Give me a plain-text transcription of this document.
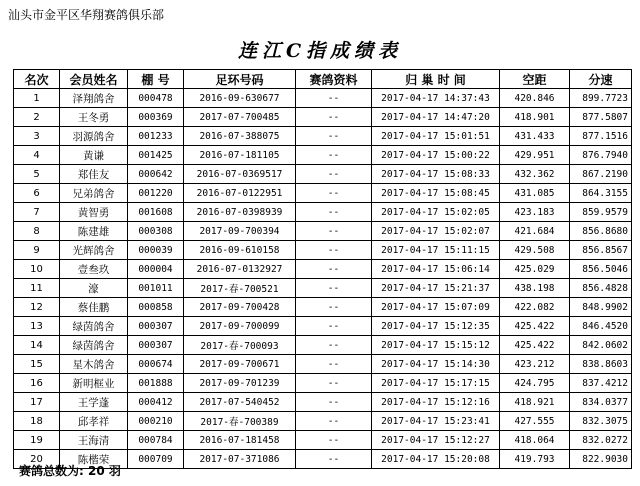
汕头市金平区华翔赛鸽俱乐部
连江C指成绩表
名次	会员姓名	棚 号	足环号码	赛鸽资料	归 巢 时 间	空距	分速
1	泽翔鸽舍	000478	2016-09-630677	--	2017-04-17 14:37:43	420.846	899.7723
2	王冬勇	000369	2017-07-700485	--	2017-04-17 14:47:20	418.901	877.5807
3	羽源鸽舍	001233	2016-07-388075	--	2017-04-17 15:01:51	431.433	877.1516
4	黄谦	001425	2016-07-181105	--	2017-04-17 15:00:22	429.951	876.7940
5	郑佳友	000642	2016-07-0369517	--	2017-04-17 15:08:33	432.362	867.2190
6	兄弟鸽舍	001220	2016-07-0122951	--	2017-04-17 15:08:45	431.085	864.3155
7	黄智勇	001608	2016-07-0398939	--	2017-04-17 15:02:05	423.183	859.9579
8	陈建雄	000308	2017-09-700394	--	2017-04-17 15:02:07	421.684	856.8680
9	光辉鸽舍	000039	2016-09-610158	--	2017-04-17 15:11:15	429.508	856.8567
10	壹叁玖	000004	2016-07-0132927	--	2017-04-17 15:06:14	425.029	856.5046
11	濠	001011	2017-春-700521	--	2017-04-17 15:21:37	438.198	856.4828
12	蔡佳鹏	000858	2017-09-700428	--	2017-04-17 15:07:09	422.082	848.9902
13	绿茵鸽舍	000307	2017-09-700099	--	2017-04-17 15:12:35	425.422	846.4520
14	绿茵鸽舍	000307	2017-春-700093	--	2017-04-17 15:15:12	425.422	842.0602
15	星木鸽舍	000674	2017-09-700671	--	2017-04-17 15:14:30	423.212	838.8603
16	新明框业	001888	2017-09-701239	--	2017-04-17 15:17:15	424.795	837.4212
17	王学蓬	000412	2017-07-540452	--	2017-04-17 15:12:16	418.921	834.0377
18	邱孝祥	000210	2017-春-700389	--	2017-04-17 15:23:41	427.555	832.3075
19	王海清	000784	2016-07-181458	--	2017-04-17 15:12:27	418.064	832.0272
20	陈楷荣	000709	2017-07-371086	--	2017-04-17 15:20:08	419.793	822.9030
赛鸽总数为: 20 羽
